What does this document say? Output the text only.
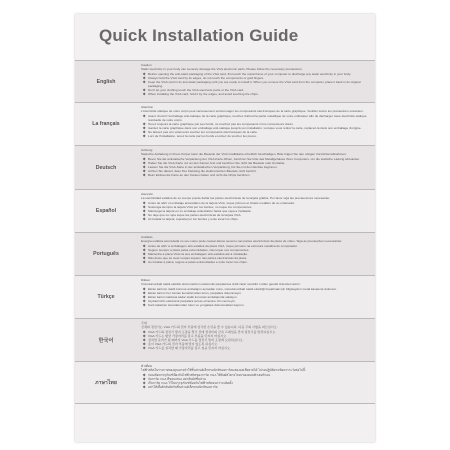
Quick Installation Guide
English
Caution
Static electricity in your body can severely damage the VGA electronic parts. Please follow the necessary precautions:
Before opening the anti-static packaging of the VGA card, first touch the metal frame of your computer to discharge any static electricity in your body.
Always hold the VGA card by its edges, do not touch the components or gold fingers.
Keep the VGA card in its anti-static packaging until you are ready to install it. When you remove the VGA card from the computer, place it back in its original packaging.
Don't let your clothing touch the VGA electronic parts or the VGA card.
When installing the VGA card, hold it by the edges, and avoid touching the chips.
La français
Attention
L'électricité statique de votre corps peut sérieusement endommager les composants électroniques de la carte graphique. Veuillez suivre les précautions suivantes :
Avant d'ouvrir l'emballage anti-statique de la carte graphique, touchez d'abord la partie métallique de votre ordinateur afin de décharger toute électricité statique résiduelle de votre corps.
Tenez toujours la carte graphique par ses bords, ne touchez pas les composants ni les connecteurs dorés.
Gardez la carte graphique dans son emballage anti-statique jusqu'à son installation. Lorsque vous retirez la carte, replacez-la dans son emballage d'origine.
Ne laissez pas vos vêtements toucher les composants électroniques de la carte.
Lors de l'installation, tenez la carte par les bords et évitez de toucher les puces.
Deutsch
Achtung
Statische Aufladung in Ihrem Körper kann die Bauteile der VGA Grafikkarte erheblich beschädigen. Bitte folgen Sie den nötigen Vorsichtsmaßnahmen:
Bevor Sie die antistatische Verpackung der VGA-Karte öffnen, berühren Sie bitte das Metallgehäuse Ihres Computers, um die statische Ladung abzuleiten.
Halten Sie die VGA-Karte nur an den Kanten fest und berühren Sie nicht die Bauteile oder Kontakte.
Lassen Sie die VGA-Karte in der antistatischen Verpackung, bis Sie mit dem Einbau beginnen.
Achten Sie darauf, dass Ihre Kleidung die elektronischen Bauteile nicht berührt.
Beim Einbau die Karte an den Kanten halten und nicht die Chips berühren.
Español
Atención
La electricidad estática de su cuerpo puede dañar las partes electrónicas de la tarjeta gráfica. Por favor siga las precauciones necesarias:
Antes de abrir el embalaje antiestático de la tarjeta VGA, toque primero el chasis metálico de su ordenador.
Sostenga siempre la tarjeta VGA por los bordes, no toque los componentes.
Mantenga la tarjeta en su embalaje antiestático hasta que vaya a instalarla.
No deje que su ropa toque las partes electrónicas de la tarjeta VGA.
Al instalar la tarjeta, sujétela por los bordes y evite tocar los chips.
Português
Cuidado
Energia estática acumulada no seu corpo pode causar danos severos nas partes electrónicas da placa de vídeo. Siga as precauções necessárias:
Antes de abrir a embalagem anti-estática da placa VGA, toque primeiro na estrutura metálica do computador.
Segure sempre a placa pelas extremidades, não toque nos componentes.
Mantenha a placa VGA na sua embalagem anti-estática até à instalação.
Não deixe que as suas roupas toquem nas partes electrónicas da placa.
Ao instalar a placa, segure-a pelas extremidades e evite tocar nos chips.
Türkçe
Dikkat
Vücudunuzdaki statik elektrik ekran kartının elektronik parçalarına ciddi zarar verebilir. Lütfen gerekli önlemleri alınız:
Ekran kartının statik koruma ambalajını açmadan önce, vücudunuzdaki statik elektriği boşaltmak için bilgisayarın metal kasasına dokunun.
Ekran kartını her zaman kenarlarından tutun, parçalara dokunmayın.
Ekran kartını takılana kadar statik korumalı ambalajında saklayın.
Giysilerinizin elektronik parçalara temas etmesine izin vermeyin.
Kartı takarken kenarlarından tutun ve yongalara dokunmaktan kaçının.
한국어
주의
신체의 정전기는 VGA 카드의 전자 부품에 심각한 손상을 줄 수 있습니다. 다음 주의 사항을 따르십시오:
VGA 카드의 정전기 방지 포장을 열기 전에 컴퓨터의 금속 프레임을 만져 정전기를 방전하십시오.
VGA 카드는 항상 가장자리를 잡고 부품을 만지지 마십시오.
설치할 준비가 될 때까지 VGA 카드를 정전기 방지 포장에 보관하십시오.
옷이 VGA 카드의 전자 부품에 닿지 않도록 하십시오.
VGA 카드를 설치할 때 가장자리를 잡고 칩을 만지지 마십시오.
ภาษาไทย
คำเตือน
ไฟฟ้าสถิตในร่างกายของคุณอาจทำให้ชิ้นส่วนอิเล็กทรอนิกส์ของการ์ดแสดงผลเสียหายได้ โปรดปฏิบัติตามข้อควรระวังต่อไปนี้:
ก่อนเปิดบรรจุภัณฑ์ป้องกันไฟฟ้าสถิตของการ์ด VGA ให้สัมผัสโครงโลหะของคอมพิวเตอร์ก่อน
จับการ์ด VGA ที่ขอบเสมอ อย่าสัมผัสชิ้นส่วน
เก็บการ์ด VGA ไว้ในบรรจุภัณฑ์ป้องกันไฟฟ้าสถิตจนกว่าจะติดตั้ง
อย่าให้เสื้อผ้าสัมผัสกับชิ้นส่วนอิเล็กทรอนิกส์ของการ์ด
